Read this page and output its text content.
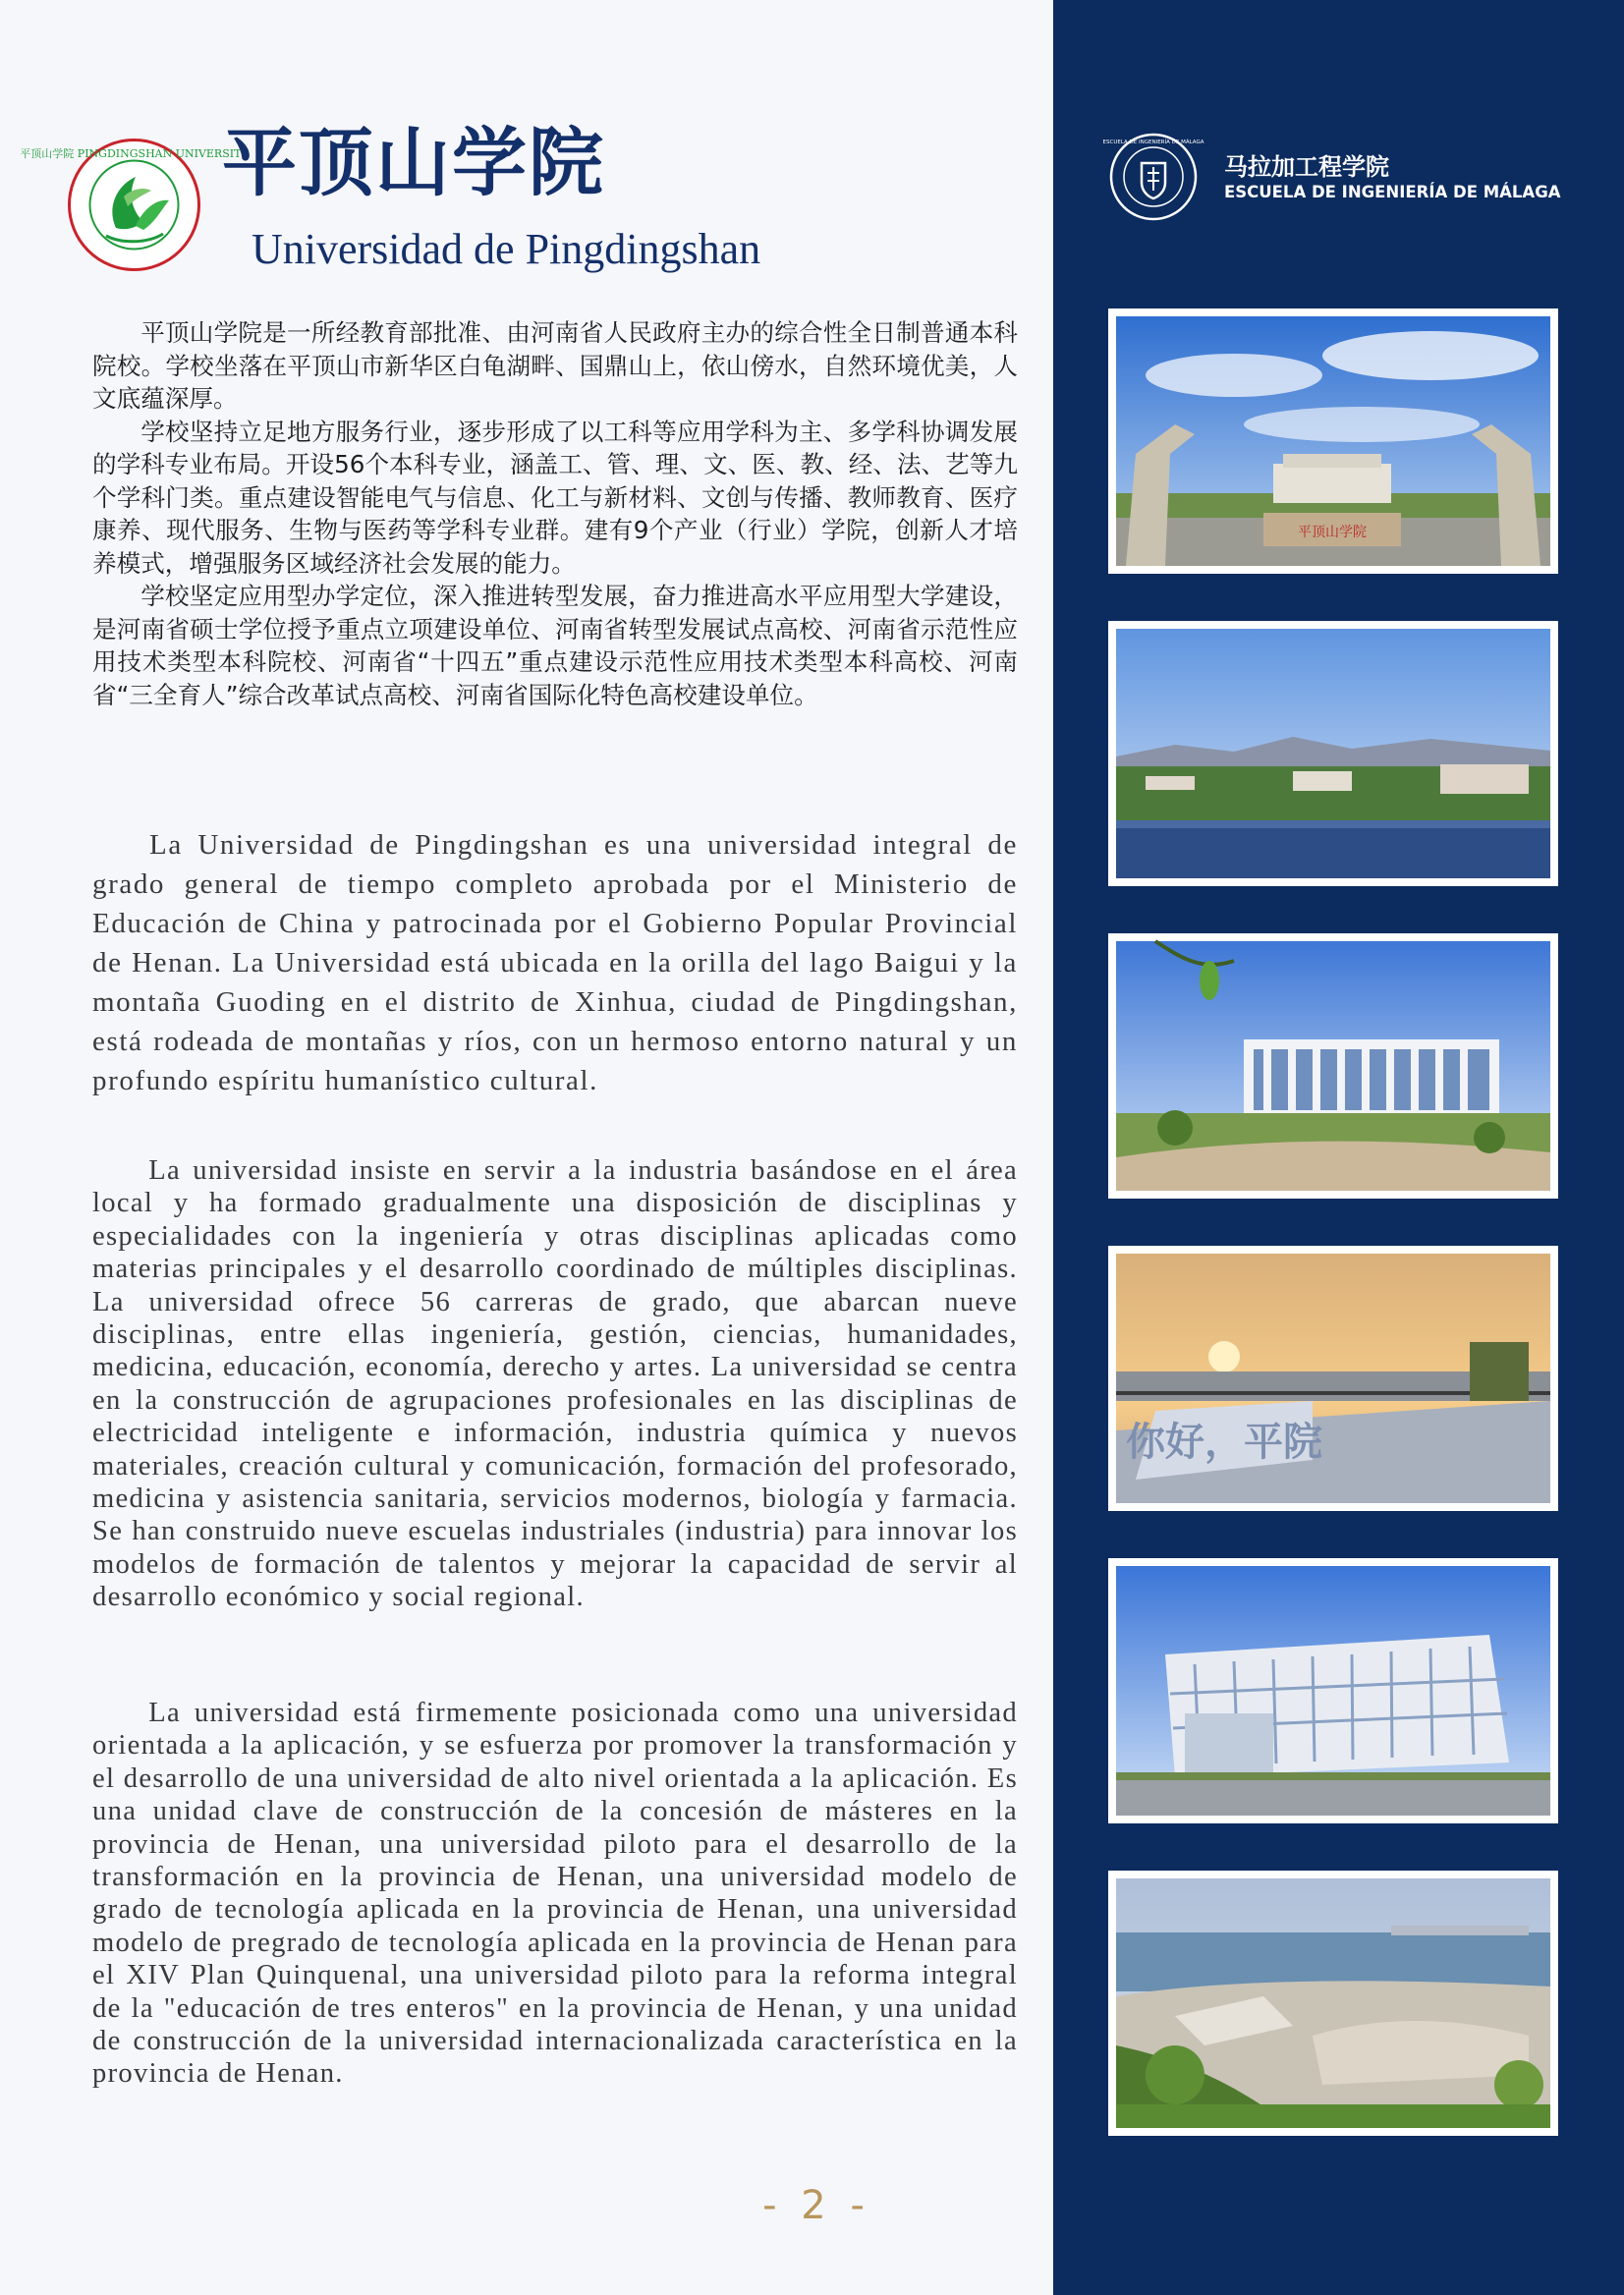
平顶山学院 PINGDINGSHAN UNIVERSITY
平顶山学院
Universidad de Pingdingshan

平顶山学院是一所经教育部批准、由河南省人民政府主办的综合性全日制普通本科院校。学校坐落在平顶山市新华区白龟湖畔、国鼎山上，依山傍水，自然环境优美，人文底蕴深厚。

学校坚持立足地方服务行业，逐步形成了以工科等应用学科为主、多学科协调发展的学科专业布局。开设56个本科专业，涵盖工、管、理、文、医、教、经、法、艺等九个学科门类。重点建设智能电气与信息、化工与新材料、文创与传播、教师教育、医疗康养、现代服务、生物与医药等学科专业群。建有9个产业（行业）学院，创新人才培养模式，增强服务区域经济社会发展的能力。

学校坚定应用型办学定位，深入推进转型发展，奋力推进高水平应用型大学建设，是河南省硕士学位授予重点立项建设单位、河南省转型发展试点高校、河南省示范性应用技术类型本科院校、河南省“十四五”重点建设示范性应用技术类型本科高校、河南省“三全育人”综合改革试点高校、河南省国际化特色高校建设单位。

La Universidad de Pingdingshan es una universidad integral de grado general de tiempo completo aprobada por el Ministerio de Educación de China y patrocinada por el Gobierno Popular Provincial de Henan. La Universidad está ubicada en la orilla del lago Baigui y la montaña Guoding en el distrito de Xinhua, ciudad de Pingdingshan, está rodeada de montañas y ríos, con un hermoso entorno natural y un profundo espíritu humanístico cultural.

La universidad insiste en servir a la industria basándose en el área local y ha formado gradualmente una disposición de disciplinas y especialidades con la ingeniería y otras disciplinas aplicadas como materias principales y el desarrollo coordinado de múltiples disciplinas. La universidad ofrece 56 carreras de grado, que abarcan nueve disciplinas, entre ellas ingeniería, gestión, ciencias, humanidades, medicina, educación, economía, derecho y artes. La universidad se centra en la construcción de agrupaciones profesionales en las disciplinas de electricidad inteligente e información, industria química y nuevos materiales, creación cultural y comunicación, formación del profesorado, medicina y asistencia sanitaria, servicios modernos, biología y farmacia. Se han construido nueve escuelas industriales (industria) para innovar los modelos de formación de talentos y mejorar la capacidad de servir al desarrollo económico y social regional.

La universidad está firmemente posicionada como una universidad orientada a la aplicación, y se esfuerza por promover la transformación y el desarrollo de una universidad de alto nivel orientada a la aplicación. Es una unidad clave de construcción de la concesión de másteres en la provincia de Henan, una universidad piloto para el desarrollo de la transformación en la provincia de Henan, una universidad modelo de grado de tecnología aplicada en la provincia de Henan, una universidad modelo de pregrado de tecnología aplicada en la provincia de Henan para el XIV Plan Quinquenal, una universidad piloto para la reforma integral de la "educación de tres enteros" en la provincia de Henan, y una unidad de construcción de la universidad internacionalizada característica en la provincia de Henan.

- 2 -
ESCUELA DE INGENIERÍA DE MÁLAGA
马拉加工程学院
ESCUELA DE INGENIERÍA DE MÁLAGA
平顶山学院
你好，平院
